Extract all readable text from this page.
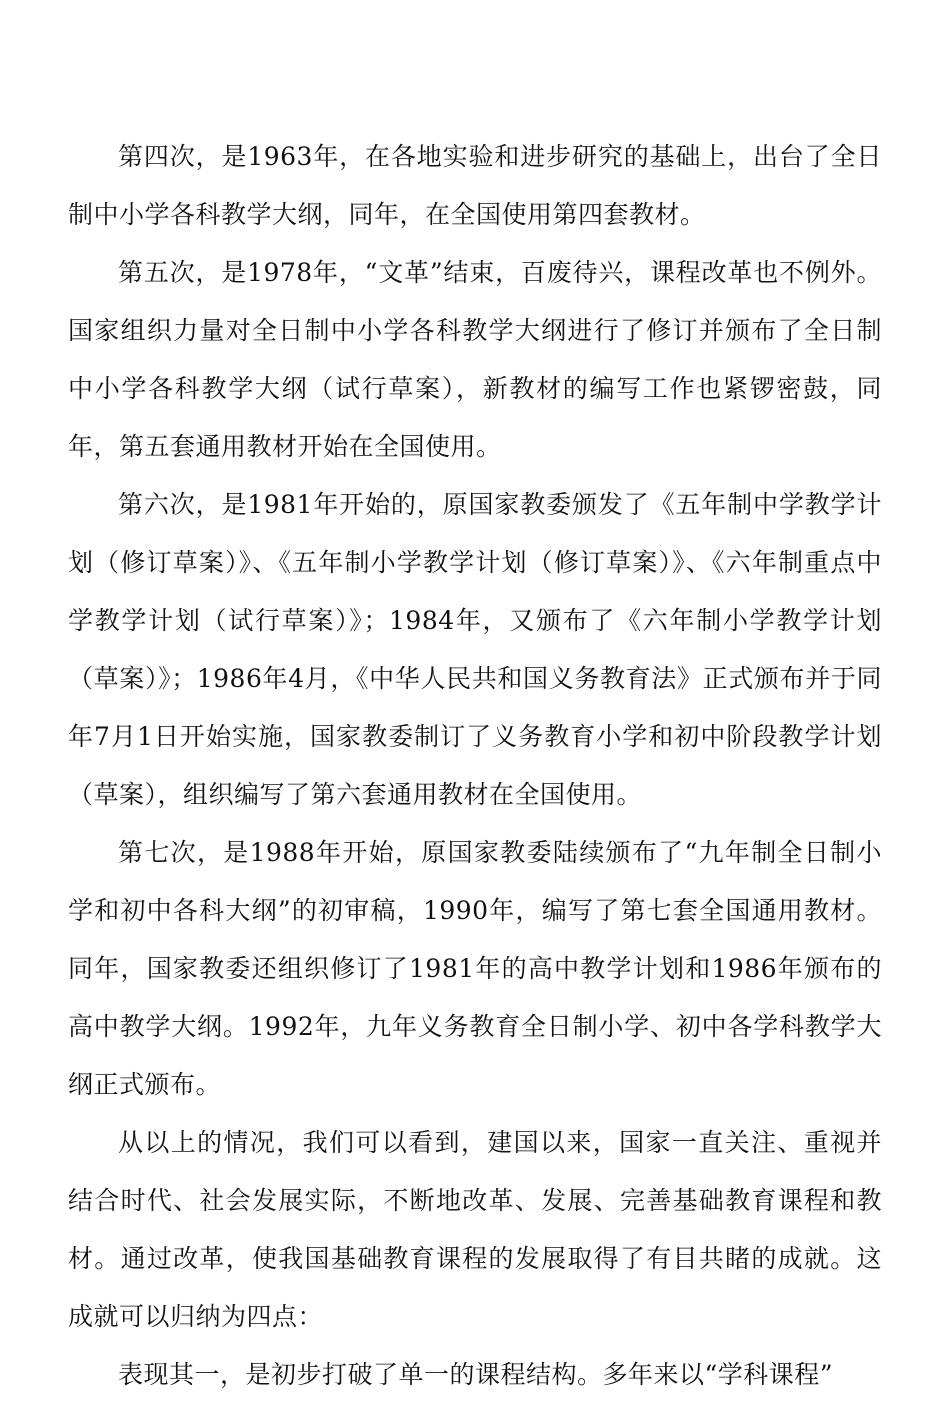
第四次，是1963年，在各地实验和进步研究的基础上，出台了全日制中小学各科教学大纲，同年，在全国使用第四套教材。

第五次，是1978年，“文革”结束，百废待兴，课程改革也不例外。国家组织力量对全日制中小学各科教学大纲进行了修订并颁布了全日制中小学各科教学大纲（试行草案），新教材的编写工作也紧锣密鼓，同年，第五套通用教材开始在全国使用。

第六次，是1981年开始的，原国家教委颁发了《五年制中学教学计划（修订草案）》、《五年制小学教学计划（修订草案）》、《六年制重点中学教学计划（试行草案）》；1984年，又颁布了《六年制小学教学计划（草案）》；1986年4月，《中华人民共和国义务教育法》正式颁布并于同年7月1日开始实施，国家教委制订了义务教育小学和初中阶段教学计划（草案），组织编写了第六套通用教材在全国使用。

第七次，是1988年开始，原国家教委陆续颁布了“九年制全日制小学和初中各科大纲”的初审稿，1990年，编写了第七套全国通用教材。同年，国家教委还组织修订了1981年的高中教学计划和1986年颁布的高中教学大纲。1992年，九年义务教育全日制小学、初中各学科教学大纲正式颁布。

从以上的情况，我们可以看到，建国以来，国家一直关注、重视并结合时代、社会发展实际，不断地改革、发展、完善基础教育课程和教材。通过改革，使我国基础教育课程的发展取得了有目共睹的成就。这成就可以归纳为四点：

表现其一，是初步打破了单一的课程结构。多年来以“学科课程”
